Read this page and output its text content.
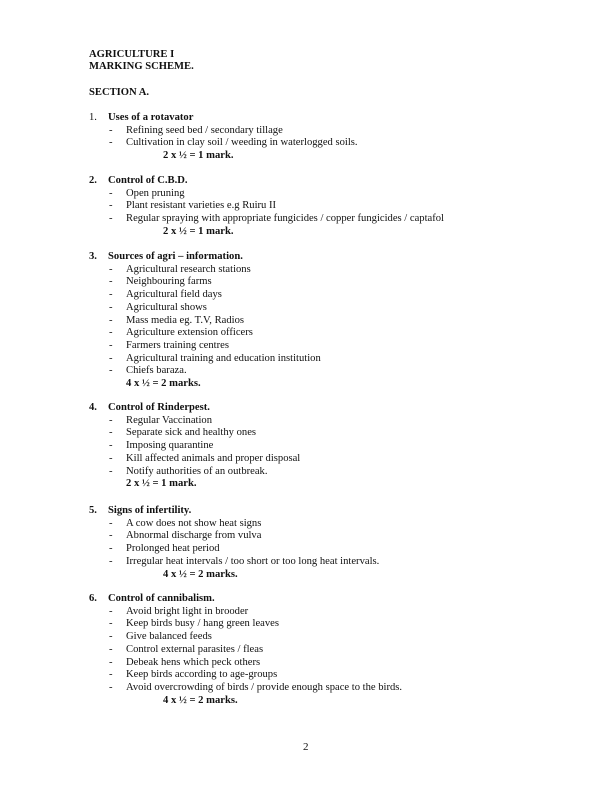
AGRICULTURE I
MARKING SCHEME.
SECTION A.
1. Uses of a rotavator
- Refining seed bed / secondary tillage
- Cultivation in clay soil / weeding in waterlogged soils.
2 x ½ = 1 mark.
2. Control of C.B.D.
- Open pruning
- Plant resistant varieties e.g Ruiru II
- Regular spraying with appropriate fungicides / copper fungicides / captafol
2 x ½ = 1 mark.
3. Sources of agri – information.
- Agricultural research stations
- Neighbouring farms
- Agricultural field days
- Agricultural shows
- Mass media eg. T.V, Radios
- Agriculture extension officers
- Farmers training centres
- Agricultural training and education institution
- Chiefs baraza.
4 x ½ = 2 marks.
4. Control of Rinderpest.
- Regular Vaccination
- Separate sick and healthy ones
- Imposing quarantine
- Kill affected animals and proper disposal
- Notify authorities of an outbreak.
2 x ½ = 1 mark.
5. Signs of infertility.
- A cow does not show heat signs
- Abnormal discharge from vulva
- Prolonged heat period
- Irregular heat intervals / too short or too long heat intervals.
4 x ½ = 2 marks.
6. Control of cannibalism.
- Avoid bright light in brooder
- Keep birds busy / hang green leaves
- Give balanced feeds
- Control external parasites / fleas
- Debeak hens which peck others
- Keep birds according to age-groups
- Avoid overcrowding of birds / provide enough space to the birds.
4 x ½ = 2 marks.
2
